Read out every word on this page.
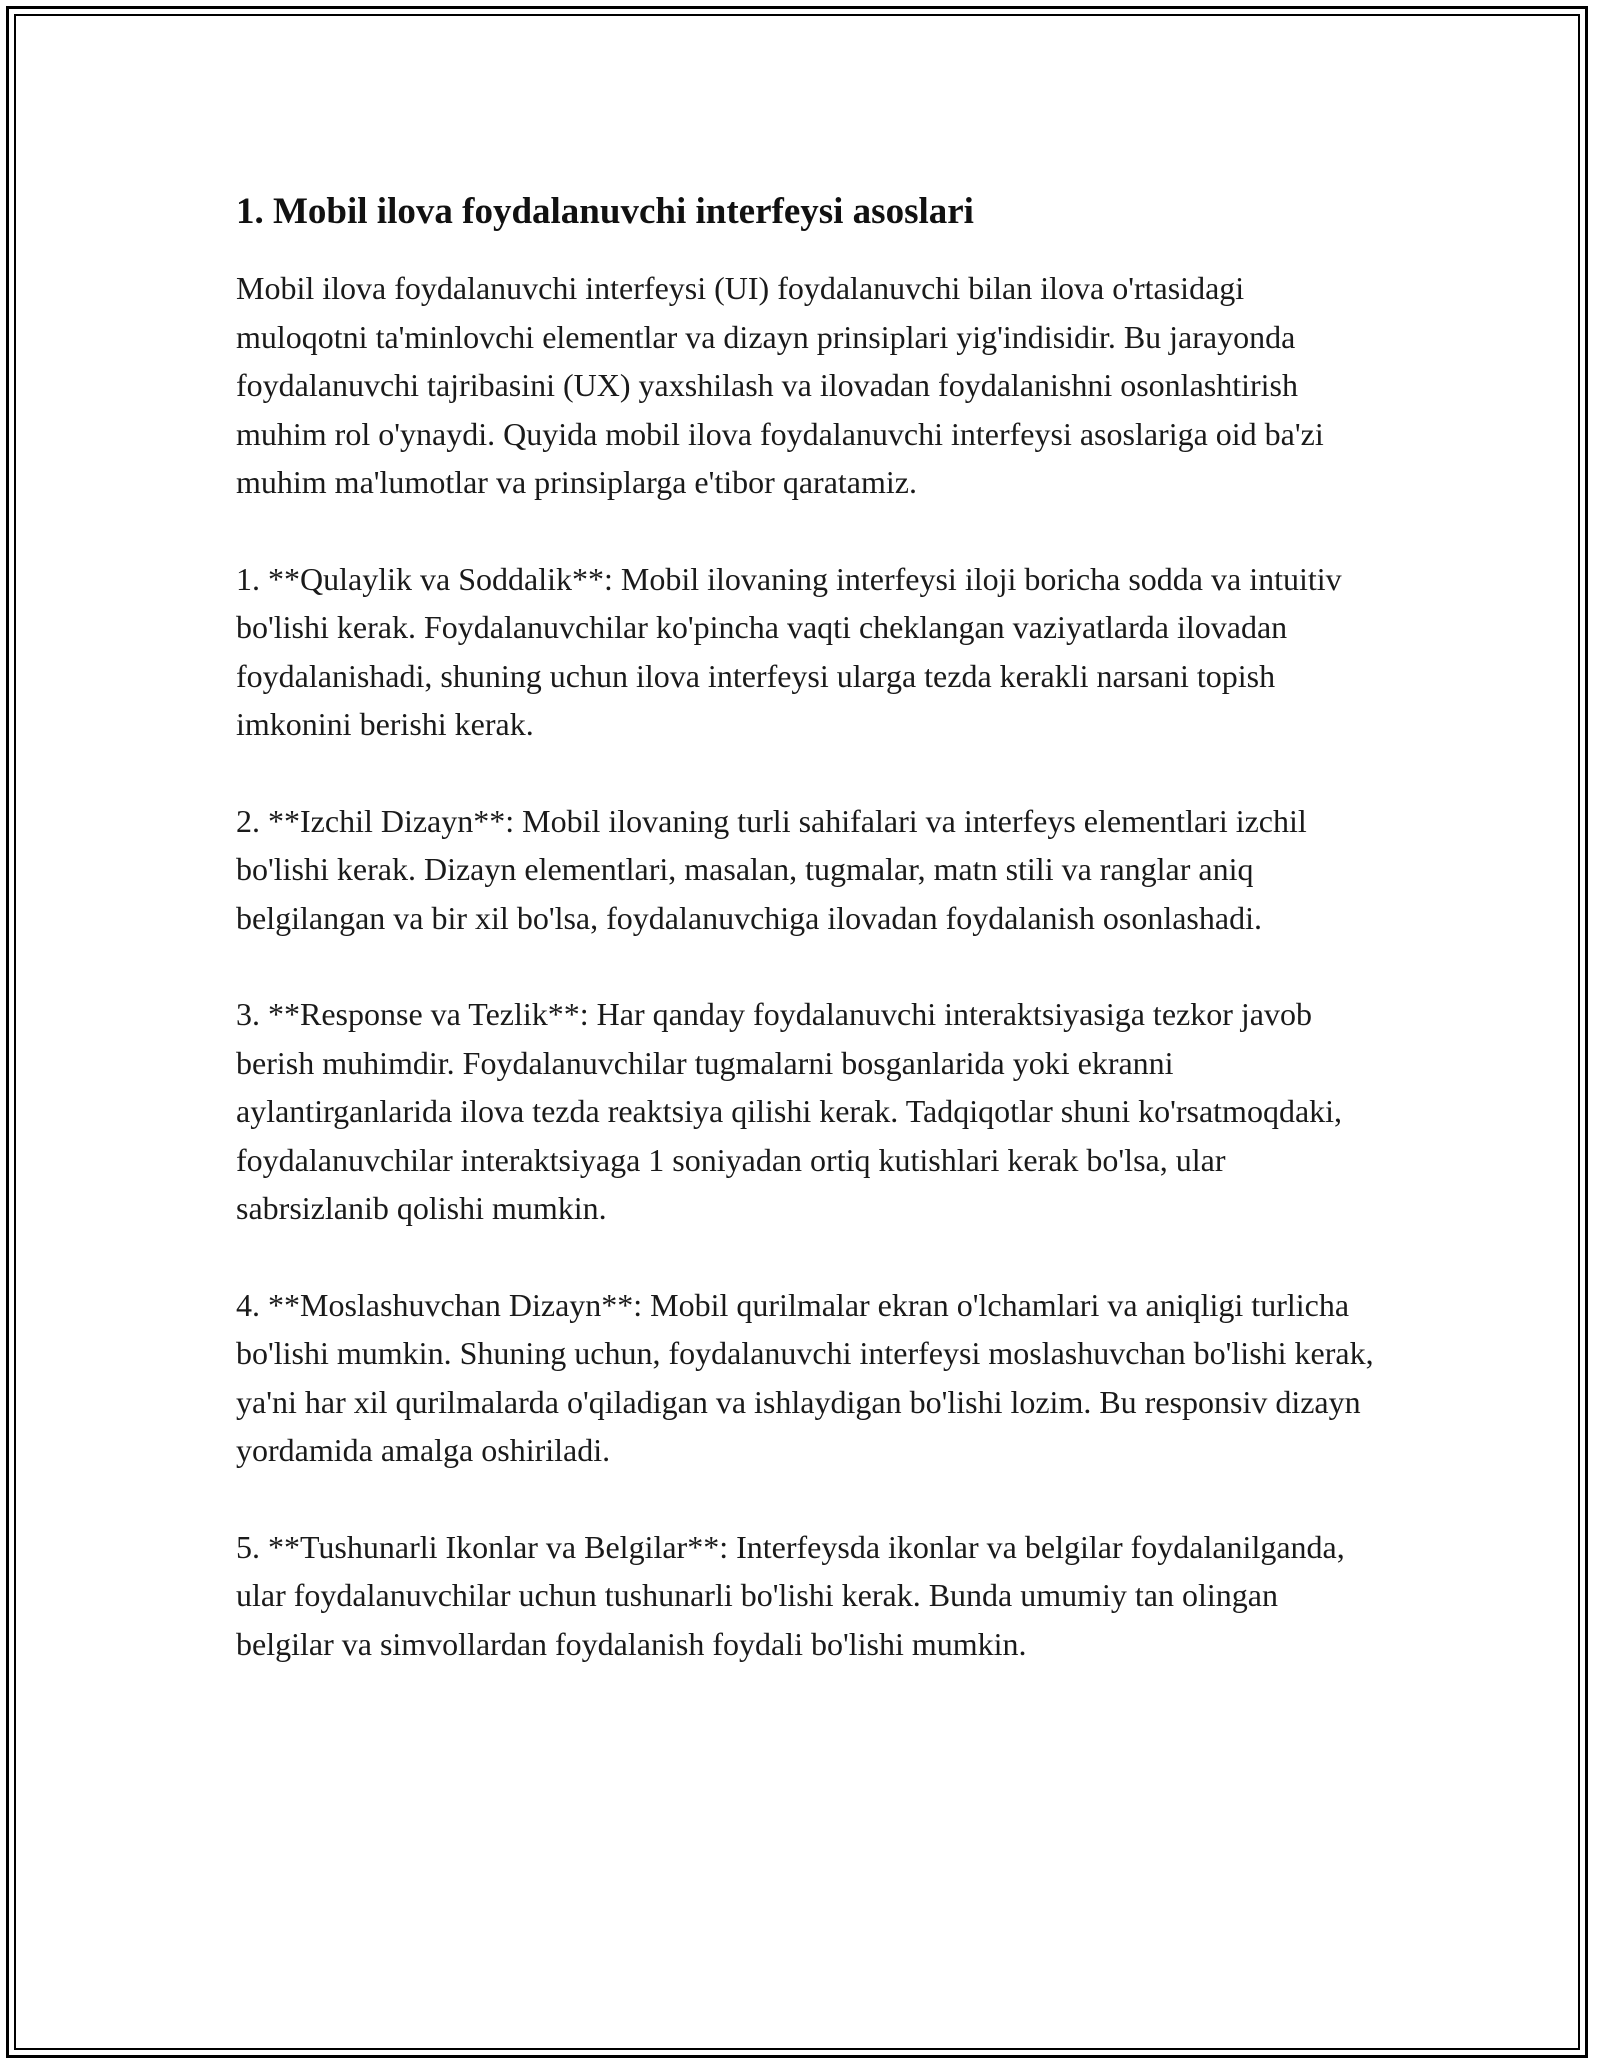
1. Mobil ilova foydalanuvchi interfeysi asoslari

Mobil ilova foydalanuvchi interfeysi (UI) foydalanuvchi bilan ilova o'rtasidagi muloqotni ta'minlovchi elementlar va dizayn prinsiplari yig'indisidir. Bu jarayonda foydalanuvchi tajribasini (UX) yaxshilash va ilovadan foydalanishni osonlashtirish muhim rol o'ynaydi. Quyida mobil ilova foydalanuvchi interfeysi asoslariga oid ba'zi muhim ma'lumotlar va prinsiplarga e'tibor qaratamiz.

1. **Qulaylik va Soddalik**: Mobil ilovaning interfeysi iloji boricha sodda va intuitiv bo'lishi kerak. Foydalanuvchilar ko'pincha vaqti cheklangan vaziyatlarda ilovadan foydalanishadi, shuning uchun ilova interfeysi ularga tezda kerakli narsani topish imkonini berishi kerak.

2. **Izchil Dizayn**: Mobil ilovaning turli sahifalari va interfeys elementlari izchil bo'lishi kerak. Dizayn elementlari, masalan, tugmalar, matn stili va ranglar aniq belgilangan va bir xil bo'lsa, foydalanuvchiga ilovadan foydalanish osonlashadi.

3. **Response va Tezlik**: Har qanday foydalanuvchi interaktsiyasiga tezkor javob berish muhimdir. Foydalanuvchilar tugmalarni bosganlarida yoki ekranni aylantirganlarida ilova tezda reaktsiya qilishi kerak. Tadqiqotlar shuni ko'rsatmoqdaki, foydalanuvchilar interaktsiyaga 1 soniyadan ortiq kutishlari kerak bo'lsa, ular sabrsizlanib qolishi mumkin.

4. **Moslashuvchan Dizayn**: Mobil qurilmalar ekran o'lchamlari va aniqligi turlicha bo'lishi mumkin. Shuning uchun, foydalanuvchi interfeysi moslashuvchan bo'lishi kerak, ya'ni har xil qurilmalarda o'qiladigan va ishlaydigan bo'lishi lozim. Bu responsiv dizayn yordamida amalga oshiriladi.

5. **Tushunarli Ikonlar va Belgilar**: Interfeysda ikonlar va belgilar foydalanilganda, ular foydalanuvchilar uchun tushunarli bo'lishi kerak. Bunda umumiy tan olingan belgilar va simvollardan foydalanish foydali bo'lishi mumkin.
